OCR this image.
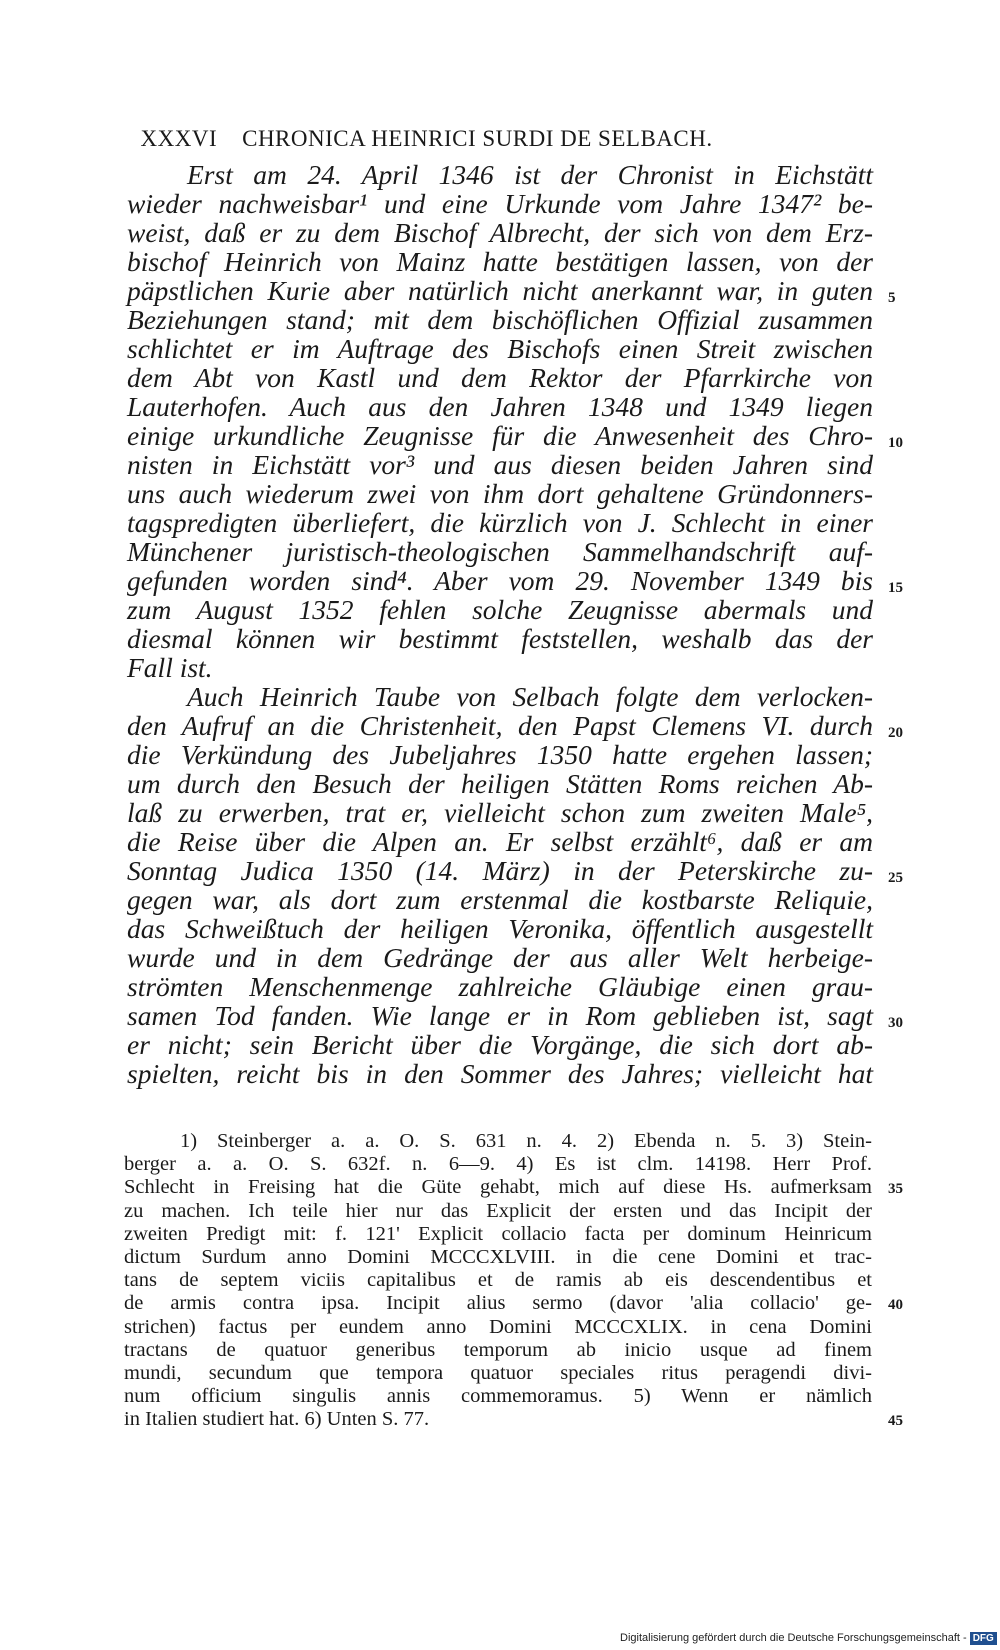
XXXVI CHRONICA HEINRICI SURDI DE SELBACH.

Erst am 24. April 1346 ist der Chronist in Eichstätt
wieder nachweisbar¹ und eine Urkunde vom Jahre 1347² be-
weist, daß er zu dem Bischof Albrecht, der sich von dem Erz-
bischof Heinrich von Mainz hatte bestätigen lassen, von der
päpstlichen Kurie aber natürlich nicht anerkannt war, in guten
Beziehungen stand; mit dem bischöflichen Offizial zusammen
schlichtet er im Auftrage des Bischofs einen Streit zwischen
dem Abt von Kastl und dem Rektor der Pfarrkirche von
Lauterhofen. Auch aus den Jahren 1348 und 1349 liegen
einige urkundliche Zeugnisse für die Anwesenheit des Chro-
nisten in Eichstätt vor³ und aus diesen beiden Jahren sind
uns auch wiederum zwei von ihm dort gehaltene Gründonners-
tagspredigten überliefert, die kürzlich von J. Schlecht in einer
Münchener juristisch-theologischen Sammelhandschrift auf-
gefunden worden sind⁴. Aber vom 29. November 1349 bis
zum August 1352 fehlen solche Zeugnisse abermals und
diesmal können wir bestimmt feststellen, weshalb das der
Fall ist.
Auch Heinrich Taube von Selbach folgte dem verlocken-
den Aufruf an die Christenheit, den Papst Clemens VI. durch
die Verkündung des Jubeljahres 1350 hatte ergehen lassen;
um durch den Besuch der heiligen Stätten Roms reichen Ab-
laß zu erwerben, trat er, vielleicht schon zum zweiten Male⁵,
die Reise über die Alpen an. Er selbst erzählt⁶, daß er am
Sonntag Judica 1350 (14. März) in der Peterskirche zu-
gegen war, als dort zum erstenmal die kostbarste Reliquie,
das Schweißtuch der heiligen Veronika, öffentlich ausgestellt
wurde und in dem Gedränge der aus aller Welt herbeige-
strömten Menschenmenge zahlreiche Gläubige einen grau-
samen Tod fanden. Wie lange er in Rom geblieben ist, sagt
er nicht; sein Bericht über die Vorgänge, die sich dort ab-
spielten, reicht bis in den Sommer des Jahres; vielleicht hat
1) Steinberger a. a. O. S. 631 n. 4. 2) Ebenda n. 5. 3) Stein-
berger a. a. O. S. 632f. n. 6—9. 4) Es ist clm. 14198. Herr Prof.
Schlecht in Freising hat die Güte gehabt, mich auf diese Hs. aufmerksam
zu machen. Ich teile hier nur das Explicit der ersten und das Incipit der
zweiten Predigt mit: f. 121' Explicit collacio facta per dominum Heinricum
dictum Surdum anno Domini MCCCXLVIII. in die cene Domini et trac-
tans de septem viciis capitalibus et de ramis ab eis descendentibus et
de armis contra ipsa. Incipit alius sermo (davor 'alia collacio' ge-
strichen) factus per eundem anno Domini MCCCXLIX. in cena Domini
tractans de quatuor generibus temporum ab inicio usque ad finem
mundi, secundum que tempora quatuor speciales ritus peragendi divi-
num officium singulis annis commemoramus. 5) Wenn er nämlich
in Italien studiert hat. 6) Unten S. 77.
5
10
15
20
25
30
35
40
45
Digitalisierung gefördert durch die Deutsche Forschungsgemeinschaft - DFG
